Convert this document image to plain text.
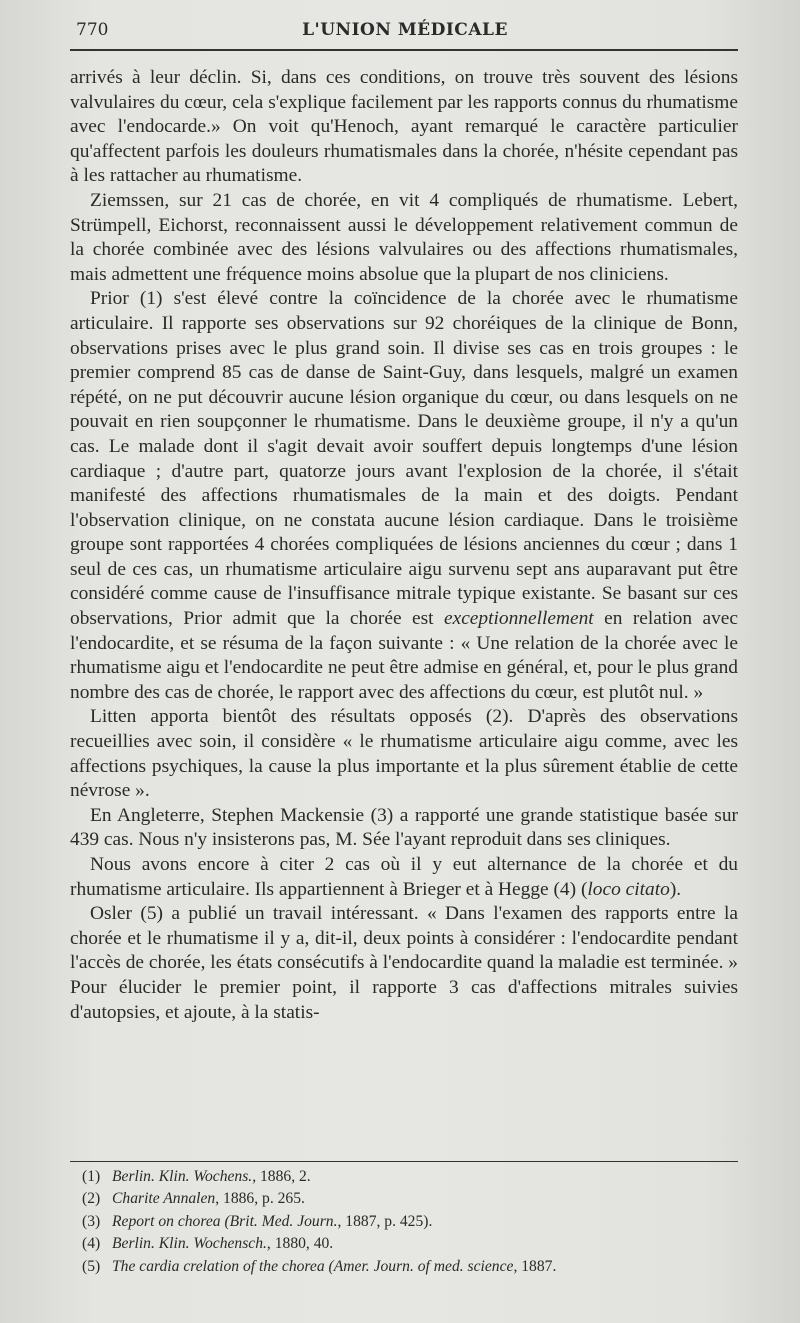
770	L'UNION MÉDICALE

arrivés à leur déclin. Si, dans ces conditions, on trouve très souvent des lésions valvulaires du cœur, cela s'explique facilement par les rapports connus du rhumatisme avec l'endocarde.» On voit qu'Henoch, ayant remarqué le caractère particulier qu'affectent parfois les douleurs rhumatismales dans la chorée, n'hésite cependant pas à les rattacher au rhumatisme.

Ziemssen, sur 21 cas de chorée, en vit 4 compliqués de rhumatisme. Lebert, Strümpell, Eichorst, reconnaissent aussi le développement relativement commun de la chorée combinée avec des lésions valvulaires ou des affections rhumatismales, mais admettent une fréquence moins absolue que la plupart de nos cliniciens.

Prior (1) s'est élevé contre la coïncidence de la chorée avec le rhumatisme articulaire. Il rapporte ses observations sur 92 choréiques de la clinique de Bonn, observations prises avec le plus grand soin. Il divise ses cas en trois groupes : le premier comprend 85 cas de danse de Saint-Guy, dans lesquels, malgré un examen répété, on ne put découvrir aucune lésion organique du cœur, ou dans lesquels on ne pouvait en rien soupçonner le rhumatisme. Dans le deuxième groupe, il n'y a qu'un cas. Le malade dont il s'agit devait avoir souffert depuis longtemps d'une lésion cardiaque ; d'autre part, quatorze jours avant l'explosion de la chorée, il s'était manifesté des affections rhumatismales de la main et des doigts. Pendant l'observation clinique, on ne constata aucune lésion cardiaque. Dans le troisième groupe sont rapportées 4 chorées compliquées de lésions anciennes du cœur ; dans 1 seul de ces cas, un rhumatisme articulaire aigu survenu sept ans auparavant put être considéré comme cause de l'insuffisance mitrale typique existante. Se basant sur ces observations, Prior admit que la chorée est exceptionnellement en relation avec l'endocardite, et se résuma de la façon suivante : « Une relation de la chorée avec le rhumatisme aigu et l'endocardite ne peut être admise en général, et, pour le plus grand nombre des cas de chorée, le rapport avec des affections du cœur, est plutôt nul. »

Litten apporta bientôt des résultats opposés (2). D'après des observations recueillies avec soin, il considère « le rhumatisme articulaire aigu comme, avec les affections psychiques, la cause la plus importante et la plus sûrement établie de cette névrose ».

En Angleterre, Stephen Mackensie (3) a rapporté une grande statistique basée sur 439 cas. Nous n'y insisterons pas, M. Sée l'ayant reproduit dans ses cliniques.

Nous avons encore à citer 2 cas où il y eut alternance de la chorée et du rhumatisme articulaire. Ils appartiennent à Brieger et à Hegge (4) (loco citato).

Osler (5) a publié un travail intéressant. « Dans l'examen des rapports entre la chorée et le rhumatisme il y a, dit-il, deux points à considérer : l'endocardite pendant l'accès de chorée, les états consécutifs à l'endocardite quand la maladie est terminée. » Pour élucider le premier point, il rapporte 3 cas d'affections mitrales suivies d'autopsies, et ajoute, à la statis-

(1) Berlin. Klin. Wochens., 1886, 2.
(2) Charite Annalen, 1886, p. 265.
(3) Report on chorea (Brit. Med. Journ., 1887, p. 425).
(4) Berlin. Klin. Wochensch., 1880, 40.
(5) The cardia crelation of the chorea (Amer. Journ. of med. science, 1887.
